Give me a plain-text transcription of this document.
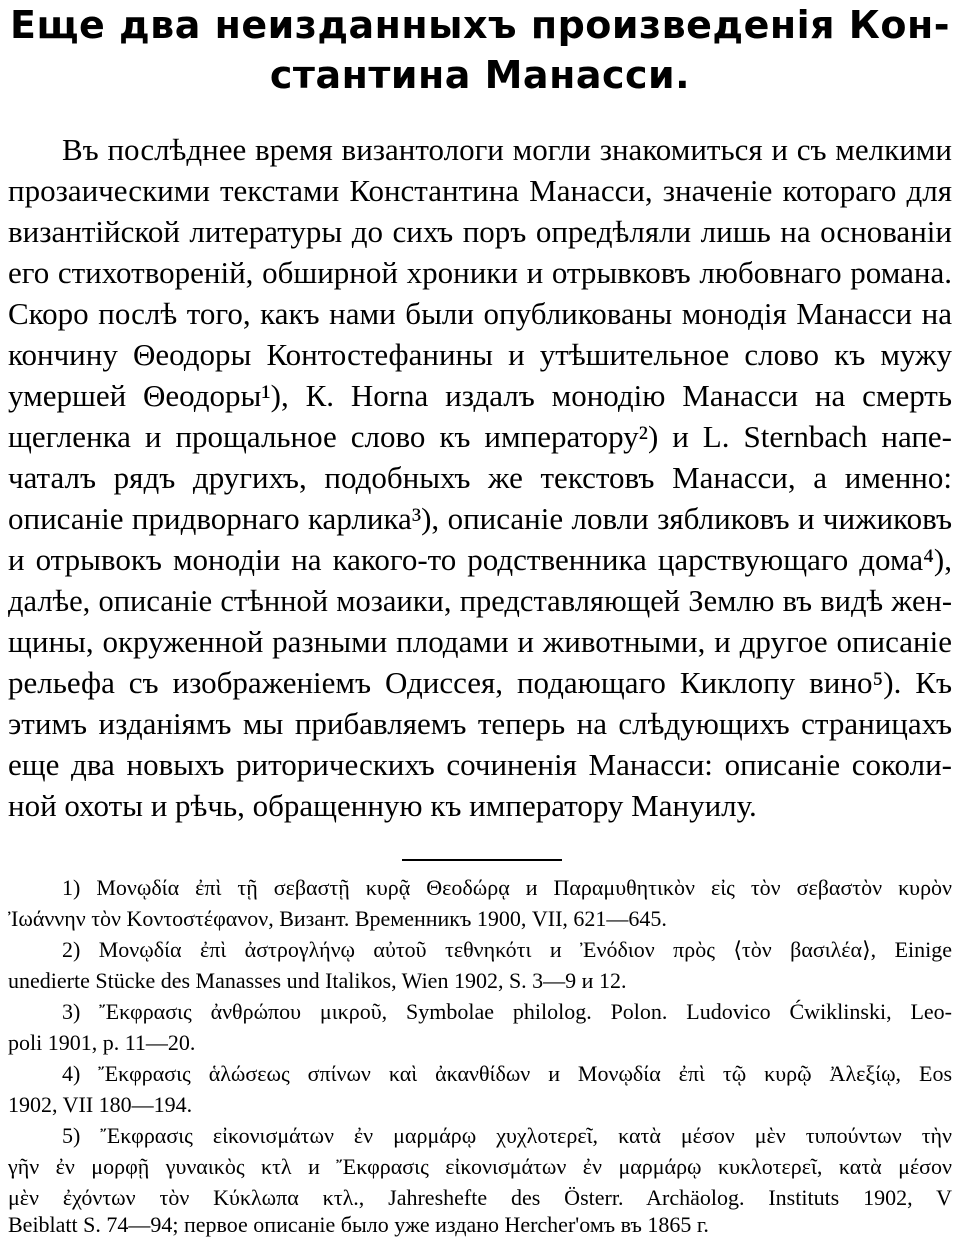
Еще два неизданныхъ произведенія Кон-
стантина Манасси.
Въ послѣднее время византологи могли знакомиться и съ мелкими
прозаическими текстами Константина Манасси, значеніе котораго для
византійской литературы до сихъ поръ опредѣляли лишь на основаніи
его стихотвореній, обширной хроники и отрывковъ любовнаго романа.
Скоро послѣ того, какъ нами были опубликованы монодія Манасси на
кончину Θеодоры Контостефанины и утѣшительное слово къ мужу
умершей Θеодоры¹), К. Horna издалъ монодію Манасси на смерть
щегленка и прощальное слово къ императору²) и L. Sternbach напе-
чаталъ рядъ другихъ, подобныхъ же текстовъ Манасси, а именно:
описаніе придворнаго карлика³), описаніе ловли зябликовъ и чижиковъ
и отрывокъ монодіи на какого-то родственника царствующаго дома⁴),
далѣе, описаніе стѣнной мозаики, представляющей Землю въ видѣ жен-
щины, окруженной разными плодами и животными, и другое описаніе
рельефа съ изображеніемъ Одиссея, подающаго Киклопу вино⁵). Къ
этимъ изданіямъ мы прибавляемъ теперь на слѣдующихъ страницахъ
еще два новыхъ риторическихъ сочиненія Манасси: описаніе соколи-
ной охоты и рѣчь, обращенную къ императору Мануилу.
1) Μονῳδία ἐπὶ τῇ σεβαστῇ κυρᾷ Θεοδώρᾳ и Παραμυθητικὸν εἰς τὸν σεβαστὸν κυρὸν
Ἰωάννην τὸν Κοντοστέφανον, Визант. Временникъ 1900, VII, 621—645.
2) Μονῳδία ἐπὶ ἀστρογλήνῳ αὐτοῦ τεθνηκότι и Ἐνόδιον πρὸς ⟨τὸν βασιλέα⟩, Einige
unedierte Stücke des Manasses und Italikos, Wien 1902, S. 3—9 и 12.
3) Ἔκφρασις ἀνθρώπου μικροῦ, Symbolae philolog. Polon. Ludovico Ćwiklinski, Leo-
poli 1901, p. 11—20.
4) Ἔκφρασις ἁλώσεως σπίνων καὶ ἀκανθίδων и Μονῳδία ἐπὶ τῷ κυρῷ Ἀλεξίῳ, Eos
1902, VII 180—194.
5) Ἔκφρασις εἰκονισμάτων ἐν μαρμάρῳ χυχλοτερεῖ, κατὰ μέσον μὲν τυπούντων τὴν
γῆν ἐν μορφῇ γυναικὸς κτλ и Ἔκφρασις εἰκονισμάτων ἐν μαρμάρῳ κυκλοτερεῖ, κατὰ μέσον
μὲν ἐχόντων τὸν Κύκλωπα κτλ., Jahreshefte des Österr. Archäolog. Instituts 1902, V
Beiblatt S. 74—94; первое описаніе было уже издано Hercher'омъ въ 1865 г.
